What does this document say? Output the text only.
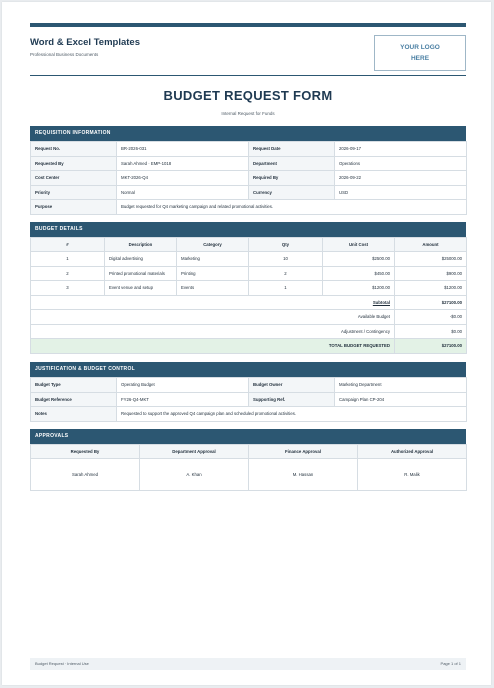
Word & Excel Templates
Professional Business Documents
YOUR LOGO
HERE
BUDGET REQUEST FORM
Internal Request for Funds
REQUISITION INFORMATION
Request No.	BR-2026-031	Request Date	2026-09-17
Requested By	Sarah Ahmed · EMP-1018	Department	Operations
Cost Center	MKT-2026-Q4	Required By	2026-09-22
Priority	Normal	Currency	USD
Purpose	Budget requested for Q4 marketing campaign and related promotional activities.		
BUDGET DETAILS
#	Description	Category	Qty	Unit Cost	Amount
1	Digital advertising	Marketing	10	$2500.00	$25000.00
2	Printed promotional materials	Printing	2	$450.00	$900.00
3	Event venue and setup	Events	1	$1200.00	$1200.00
Subtotal					$27100.00
Available Budget					-$0.00
Adjustment / Contingency					$0.00
TOTAL BUDGET REQUESTED					$27100.00
JUSTIFICATION & BUDGET CONTROL
Budget Type	Operating Budget	Budget Owner	Marketing Department
Budget Reference	FY26-Q4-MKT	Supporting Ref.	Campaign Plan CP-204
Notes	Requested to support the approved Q4 campaign plan and scheduled promotional activities.		
APPROVALS
Requested By	Department Approval	Finance Approval	Authorized Approval
Sarah Ahmed	A. Khan	M. Hassan	R. Malik
Budget Request · Internal Use	Page 1 of 1
